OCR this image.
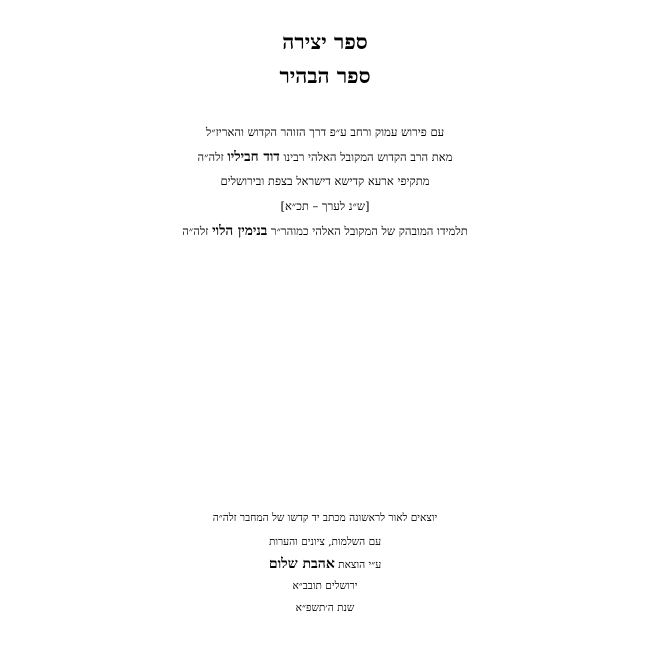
ספר יצירה
ספר הבהיר
עם פירוש עמוק ורחב ע״פ דרך הזוהר הקדוש והאריז״ל
מאת הרב הקדוש המקובל האלהי רבינו דוד חביליו זלה״ה
מתקיפי ארעא קדישא דישראל בצפת ובירושלים
[ש״נ לערך – תכ״א]
תלמידו המובהק של המקובל האלהי כמוהר״ר בנימין הלוי זלה״ה
יוצאים לאור לראשונה מכתב יד קדשו של המחבר זלה״ה
עם השלמות, ציונים והערות
ע״י הוצאת אהבת שלום
ירושלים תובב״א
שנת ה׳תשפ״א
